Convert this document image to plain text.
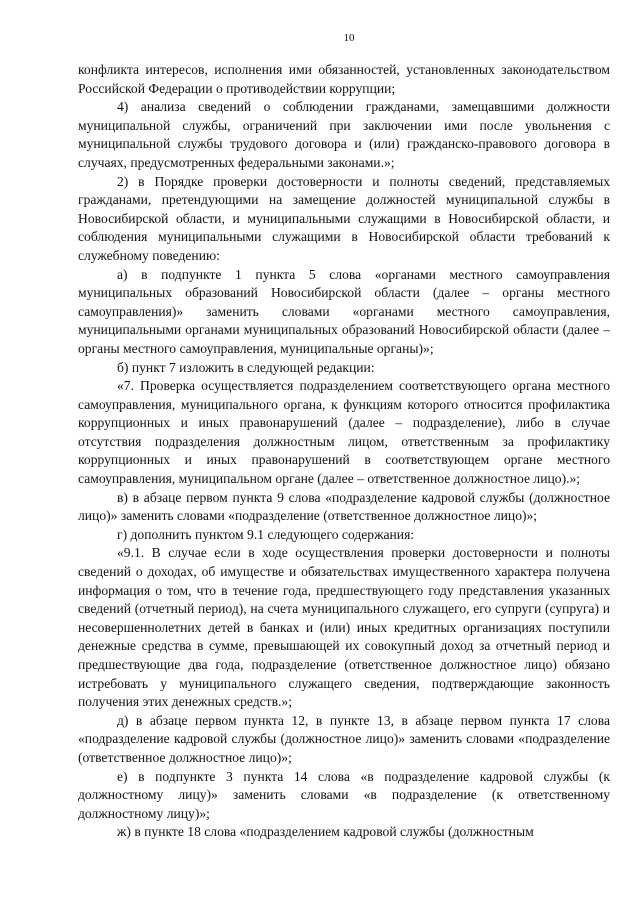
10

конфликта интересов, исполнения ими обязанностей, установленных законодательством Российской Федерации о противодействии коррупции;

4) анализа сведений о соблюдении гражданами, замещавшими должности муниципальной службы, ограничений при заключении ими после увольнения с муниципальной службы трудового договора и (или) гражданско-правового договора в случаях, предусмотренных федеральными законами.»;

2) в Порядке проверки достоверности и полноты сведений, представляемых гражданами, претендующими на замещение должностей муниципальной службы в Новосибирской области, и муниципальными служащими в Новосибирской области, и соблюдения муниципальными служащими в Новосибирской области требований к служебному поведению:

а) в подпункте 1 пункта 5 слова «органами местного самоуправления муниципальных образований Новосибирской области (далее – органы местного самоуправления)» заменить словами «органами местного самоуправления, муниципальными органами муниципальных образований Новосибирской области (далее – органы местного самоуправления, муниципальные органы)»;

б) пункт 7 изложить в следующей редакции:

«7. Проверка осуществляется подразделением соответствующего органа местного самоуправления, муниципального органа, к функциям которого относится профилактика коррупционных и иных правонарушений (далее – подразделение), либо в случае отсутствия подразделения должностным лицом, ответственным за профилактику коррупционных и иных правонарушений в соответствующем органе местного самоуправления, муниципальном органе (далее – ответственное должностное лицо).»;

в) в абзаце первом пункта 9 слова «подразделение кадровой службы (должностное лицо)» заменить словами «подразделение (ответственное должностное лицо)»;

г) дополнить пунктом 9.1 следующего содержания:

«9.1. В случае если в ходе осуществления проверки достоверности и полноты сведений о доходах, об имуществе и обязательствах имущественного характера получена информация о том, что в течение года, предшествующего году представления указанных сведений (отчетный период), на счета муниципального служащего, его супруги (супруга) и несовершеннолетних детей в банках и (или) иных кредитных организациях поступили денежные средства в сумме, превышающей их совокупный доход за отчетный период и предшествующие два года, подразделение (ответственное должностное лицо) обязано истребовать у муниципального служащего сведения, подтверждающие законность получения этих денежных средств.»;

д) в абзаце первом пункта 12, в пункте 13, в абзаце первом пункта 17 слова «подразделение кадровой службы (должностное лицо)» заменить словами «подразделение (ответственное должностное лицо)»;

е) в подпункте 3 пункта 14 слова «в подразделение кадровой службы (к должностному лицу)» заменить словами «в подразделение (к ответственному должностному лицу)»;

ж) в пункте 18 слова «подразделением кадровой службы (должностным
